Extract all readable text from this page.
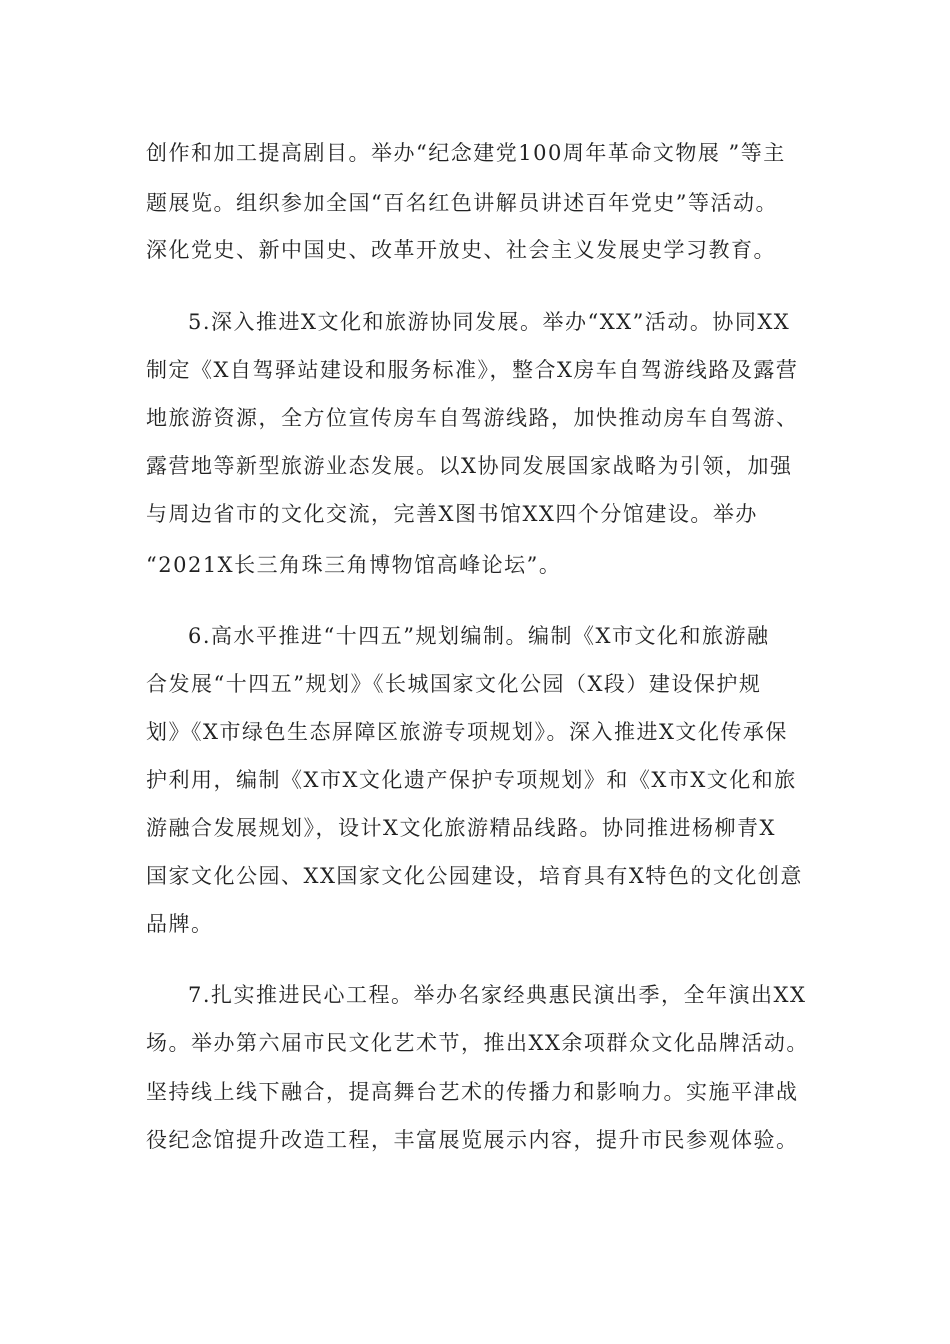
创作和加工提高剧目。举办“纪念建党100周年革命文物展 ”等主

题展览。组织参加全国“百名红色讲解员讲述百年党史”等活动。

深化党史、新中国史、改革开放史、社会主义发展史学习教育。

5.深入推进X文化和旅游协同发展。举办“XX”活动。协同XX

制定《X自驾驿站建设和服务标准》，整合X房车自驾游线路及露营

地旅游资源，全方位宣传房车自驾游线路，加快推动房车自驾游、

露营地等新型旅游业态发展。以X协同发展国家战略为引领，加强

与周边省市的文化交流，完善X图书馆XX四个分馆建设。举办

“2021X长三角珠三角博物馆高峰论坛”。

6.高水平推进“十四五”规划编制。编制《X市文化和旅游融

合发展“十四五”规划》《长城国家文化公园（X段）建设保护规

划》《X市绿色生态屏障区旅游专项规划》。深入推进X文化传承保

护利用，编制《X市X文化遗产保护专项规划》和《X市X文化和旅

游融合发展规划》，设计X文化旅游精品线路。协同推进杨柳青X

国家文化公园、XX国家文化公园建设，培育具有X特色的文化创意

品牌。

7.扎实推进民心工程。举办名家经典惠民演出季，全年演出XX

场。举办第六届市民文化艺术节，推出XX余项群众文化品牌活动。

坚持线上线下融合，提高舞台艺术的传播力和影响力。实施平津战

役纪念馆提升改造工程，丰富展览展示内容，提升市民参观体验。
